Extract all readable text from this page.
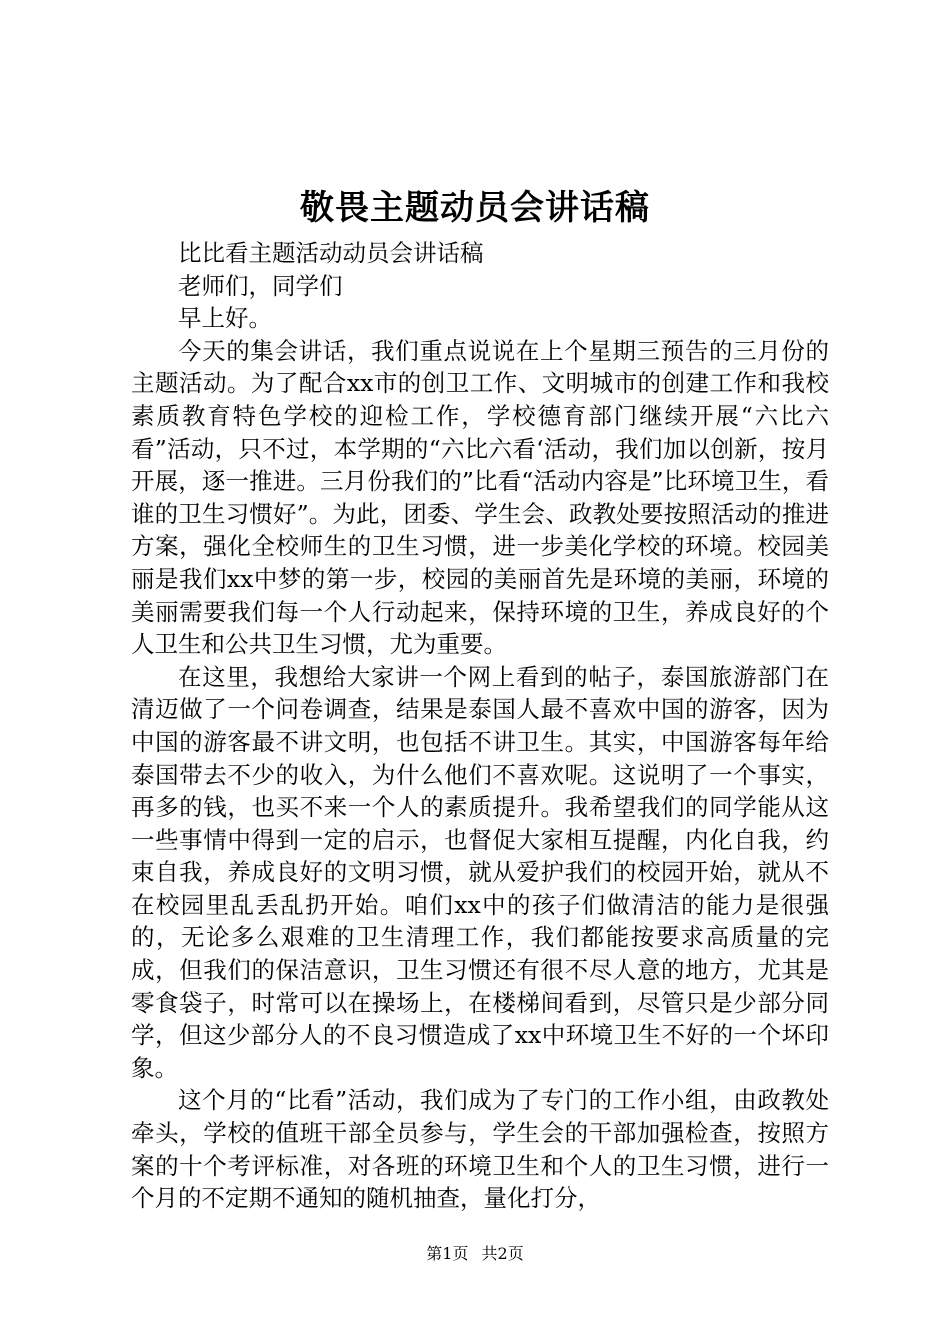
敬畏主题动员会讲话稿

比比看主题活动动员会讲话稿

老师们，同学们

早上好。

今天的集会讲话，我们重点说说在上个星期三预告的三月份的主题活动。为了配合xx市的创卫工作、文明城市的创建工作和我校素质教育特色学校的迎检工作，学校德育部门继续开展“六比六看”活动，只不过，本学期的“六比六看‘活动，我们加以创新，按月开展，逐一推进。三月份我们的”比看“活动内容是”比环境卫生，看谁的卫生习惯好”。为此，团委、学生会、政教处要按照活动的推进方案，强化全校师生的卫生习惯，进一步美化学校的环境。校园美丽是我们xx中梦的第一步，校园的美丽首先是环境的美丽，环境的美丽需要我们每一个人行动起来，保持环境的卫生，养成良好的个人卫生和公共卫生习惯，尤为重要。

在这里，我想给大家讲一个网上看到的帖子，泰国旅游部门在清迈做了一个问卷调查，结果是泰国人最不喜欢中国的游客，因为中国的游客最不讲文明，也包括不讲卫生。其实，中国游客每年给泰国带去不少的收入，为什么他们不喜欢呢。这说明了一个事实，再多的钱，也买不来一个人的素质提升。我希望我们的同学能从这一些事情中得到一定的启示，也督促大家相互提醒，内化自我，约束自我，养成良好的文明习惯，就从爱护我们的校园开始，就从不在校园里乱丢乱扔开始。咱们xx中的孩子们做清洁的能力是很强的，无论多么艰难的卫生清理工作，我们都能按要求高质量的完成，但我们的保洁意识，卫生习惯还有很不尽人意的地方，尤其是零食袋子，时常可以在操场上，在楼梯间看到，尽管只是少部分同学，但这少部分人的不良习惯造成了xx中环境卫生不好的一个坏印象。

这个月的“比看”活动，我们成为了专门的工作小组，由政教处牵头，学校的值班干部全员参与，学生会的干部加强检查，按照方案的十个考评标准，对各班的环境卫生和个人的卫生习惯，进行一个月的不定期不通知的随机抽查，量化打分，

第1页 共2页
